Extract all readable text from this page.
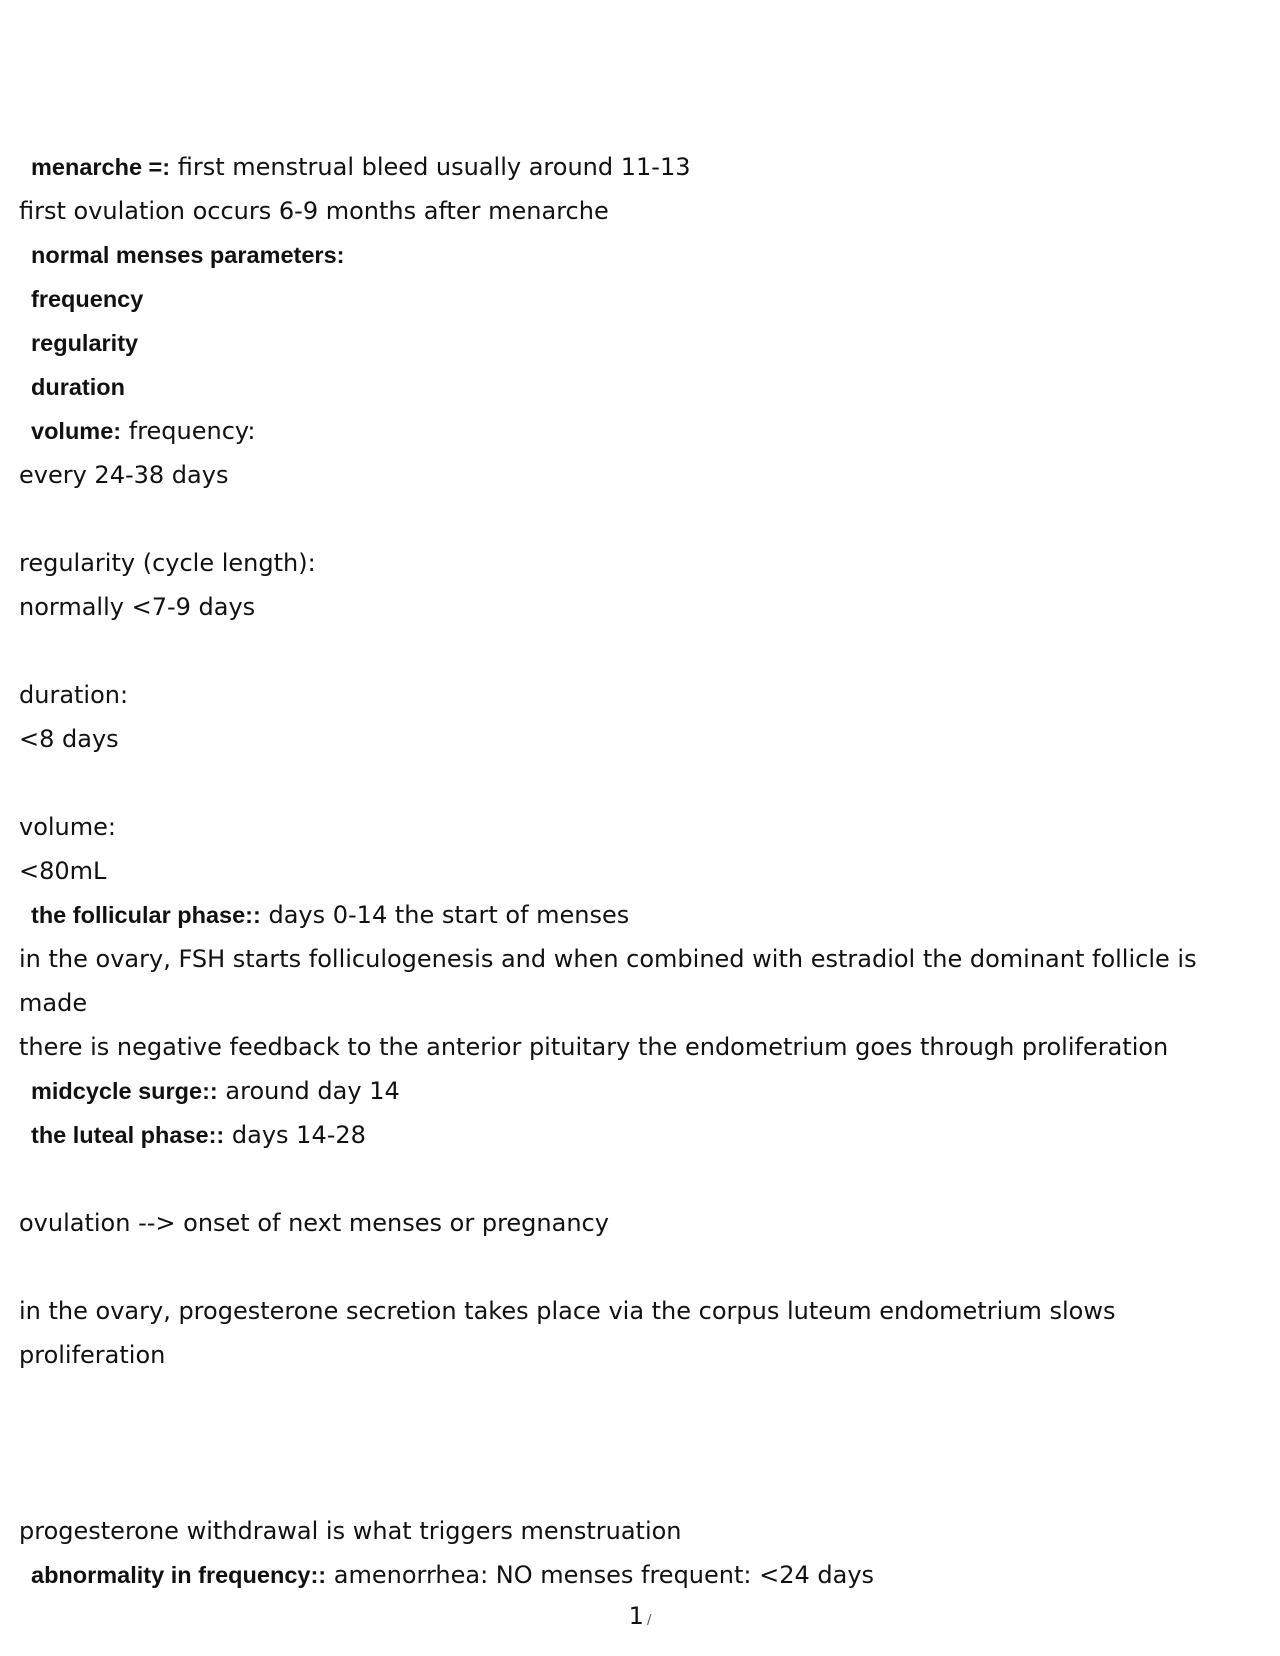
menarche =: first menstrual bleed usually around 11-13
first ovulation occurs 6-9 months after menarche
normal menses parameters:
frequency
regularity
duration
volume: frequency:
every 24-38 days
regularity (cycle length):
normally <7-9 days
duration:
<8 days
volume:
<80mL
the follicular phase:: days 0-14 the start of menses
in the ovary, FSH starts folliculogenesis and when combined with estradiol the dominant follicle is made
there is negative feedback to the anterior pituitary the endometrium goes through proliferation
midcycle surge:: around day 14
the luteal phase:: days 14-28
ovulation --> onset of next menses or pregnancy
in the ovary, progesterone secretion takes place via the corpus luteum endometrium slows proliferation
progesterone withdrawal is what triggers menstruation
abnormality in frequency:: amenorrhea: NO menses frequent: <24 days
1 /
